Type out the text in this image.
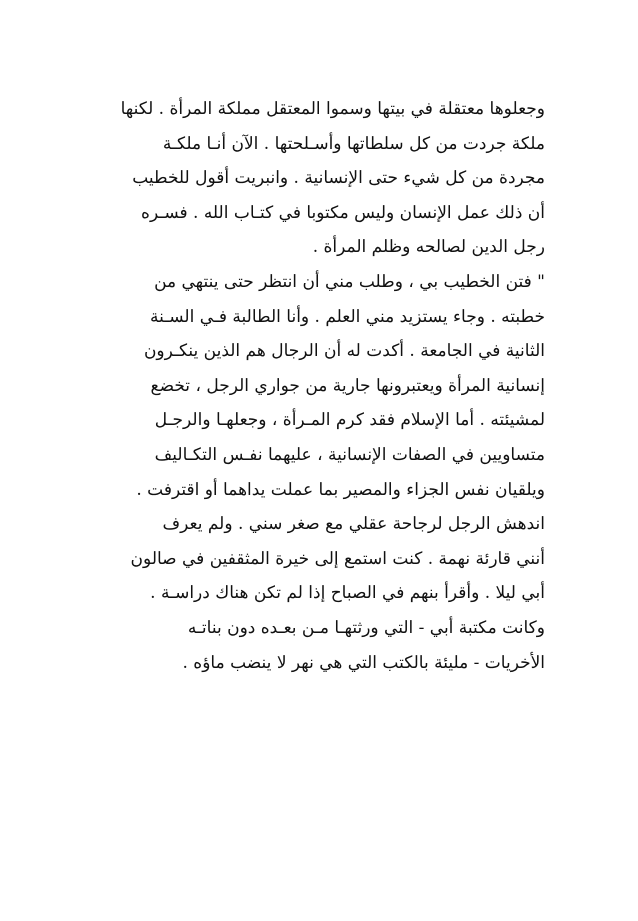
وجعلوها معتقلة في بيتها وسموا المعتقل مملكة المرأة . لكنها
ملكة جردت من كل سلطاتها وأسـلحتها . الآن أنـا ملكـة
مجردة من كل شيء حتى الإنسانية . وانبريت أقول للخطيب
أن ذلك عمل الإنسان وليس مكتوبا في كتـاب الله . فسـره
رجل الدين لصالحه وظلم المرأة .
" فتن الخطيب بي ، وطلب مني أن انتظر حتى ينتهي من
خطبته . وجاء يستزيد مني العلم . وأنا الطالبة فـي السـنة
الثانية في الجامعة . أكدت له أن الرجال هم الذين ينكـرون
إنسانية المرأة ويعتبرونها جارية من جواري الرجل ، تخضع
لمشيئته . أما الإسلام فقد كرم المـرأة ، وجعلهـا والرجـل
متساويين في الصفات الإنسانية ، عليهما نفـس التكـاليف
ويلقيان نفس الجزاء والمصير بما عملت يداهما أو اقترفت .
اندهش الرجل لرجاحة عقلي مع صغر سني . ولم يعرف
أنني قارئة نهمة . كنت استمع إلى خيرة المثقفين في صالون
أبي ليلا . وأقرأ بنهم في الصباح إذا لم تكن هناك دراسـة .
وكانت مكتبة أبي - التي ورثتهـا مـن بعـده دون بناتـه
الأخريات - مليئة بالكتب التي هي نهر لا ينضب ماؤه .
